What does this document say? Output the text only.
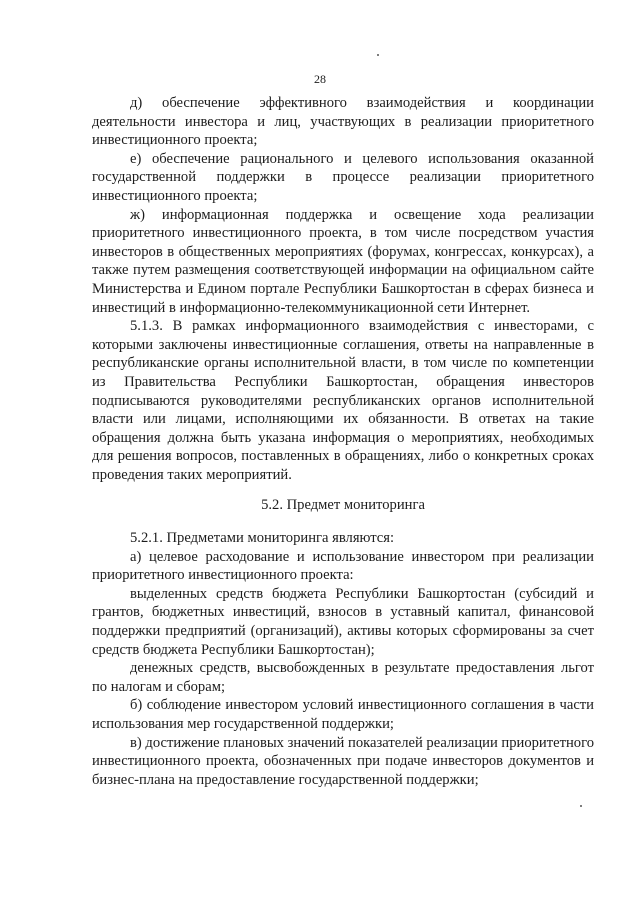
28

д) обеспечение эффективного взаимодействия и координации деятельности инвестора и лиц, участвующих в реализации приоритетного инвестиционного проекта;

е) обеспечение рационального и целевого использования оказанной государственной поддержки в процессе реализации приоритетного инвестиционного проекта;

ж) информационная поддержка и освещение хода реализации приоритетного инвестиционного проекта, в том числе посредством участия инвесторов в общественных мероприятиях (форумах, конгрессах, конкурсах), а также путем размещения соответствующей информации на официальном сайте Министерства и Едином портале Республики Башкортостан в сферах бизнеса и инвестиций в информационно-телекоммуникационной сети Интернет.

5.1.3. В рамках информационного взаимодействия с инвесторами, с которыми заключены инвестиционные соглашения, ответы на направленные в республиканские органы исполнительной власти, в том числе по компетенции из Правительства Республики Башкортостан, обращения инвесторов подписываются руководителями республиканских органов исполнительной власти или лицами, исполняющими их обязанности. В ответах на такие обращения должна быть указана информация о мероприятиях, необходимых для решения вопросов, поставленных в обращениях, либо о конкретных сроках проведения таких мероприятий.

5.2. Предмет мониторинга

5.2.1. Предметами мониторинга являются:

а) целевое расходование и использование инвестором при реализации приоритетного инвестиционного проекта:

выделенных средств бюджета Республики Башкортостан (субсидий и грантов, бюджетных инвестиций, взносов в уставный капитал, финансовой поддержки предприятий (организаций), активы которых сформированы за счет средств бюджета Республики Башкортостан);

денежных средств, высвобожденных в результате предоставления льгот по налогам и сборам;

б) соблюдение инвестором условий инвестиционного соглашения в части использования мер государственной поддержки;

в) достижение плановых значений показателей реализации приоритетного инвестиционного проекта, обозначенных при подаче инвесторов документов и бизнес-плана на предоставление государственной поддержки;
